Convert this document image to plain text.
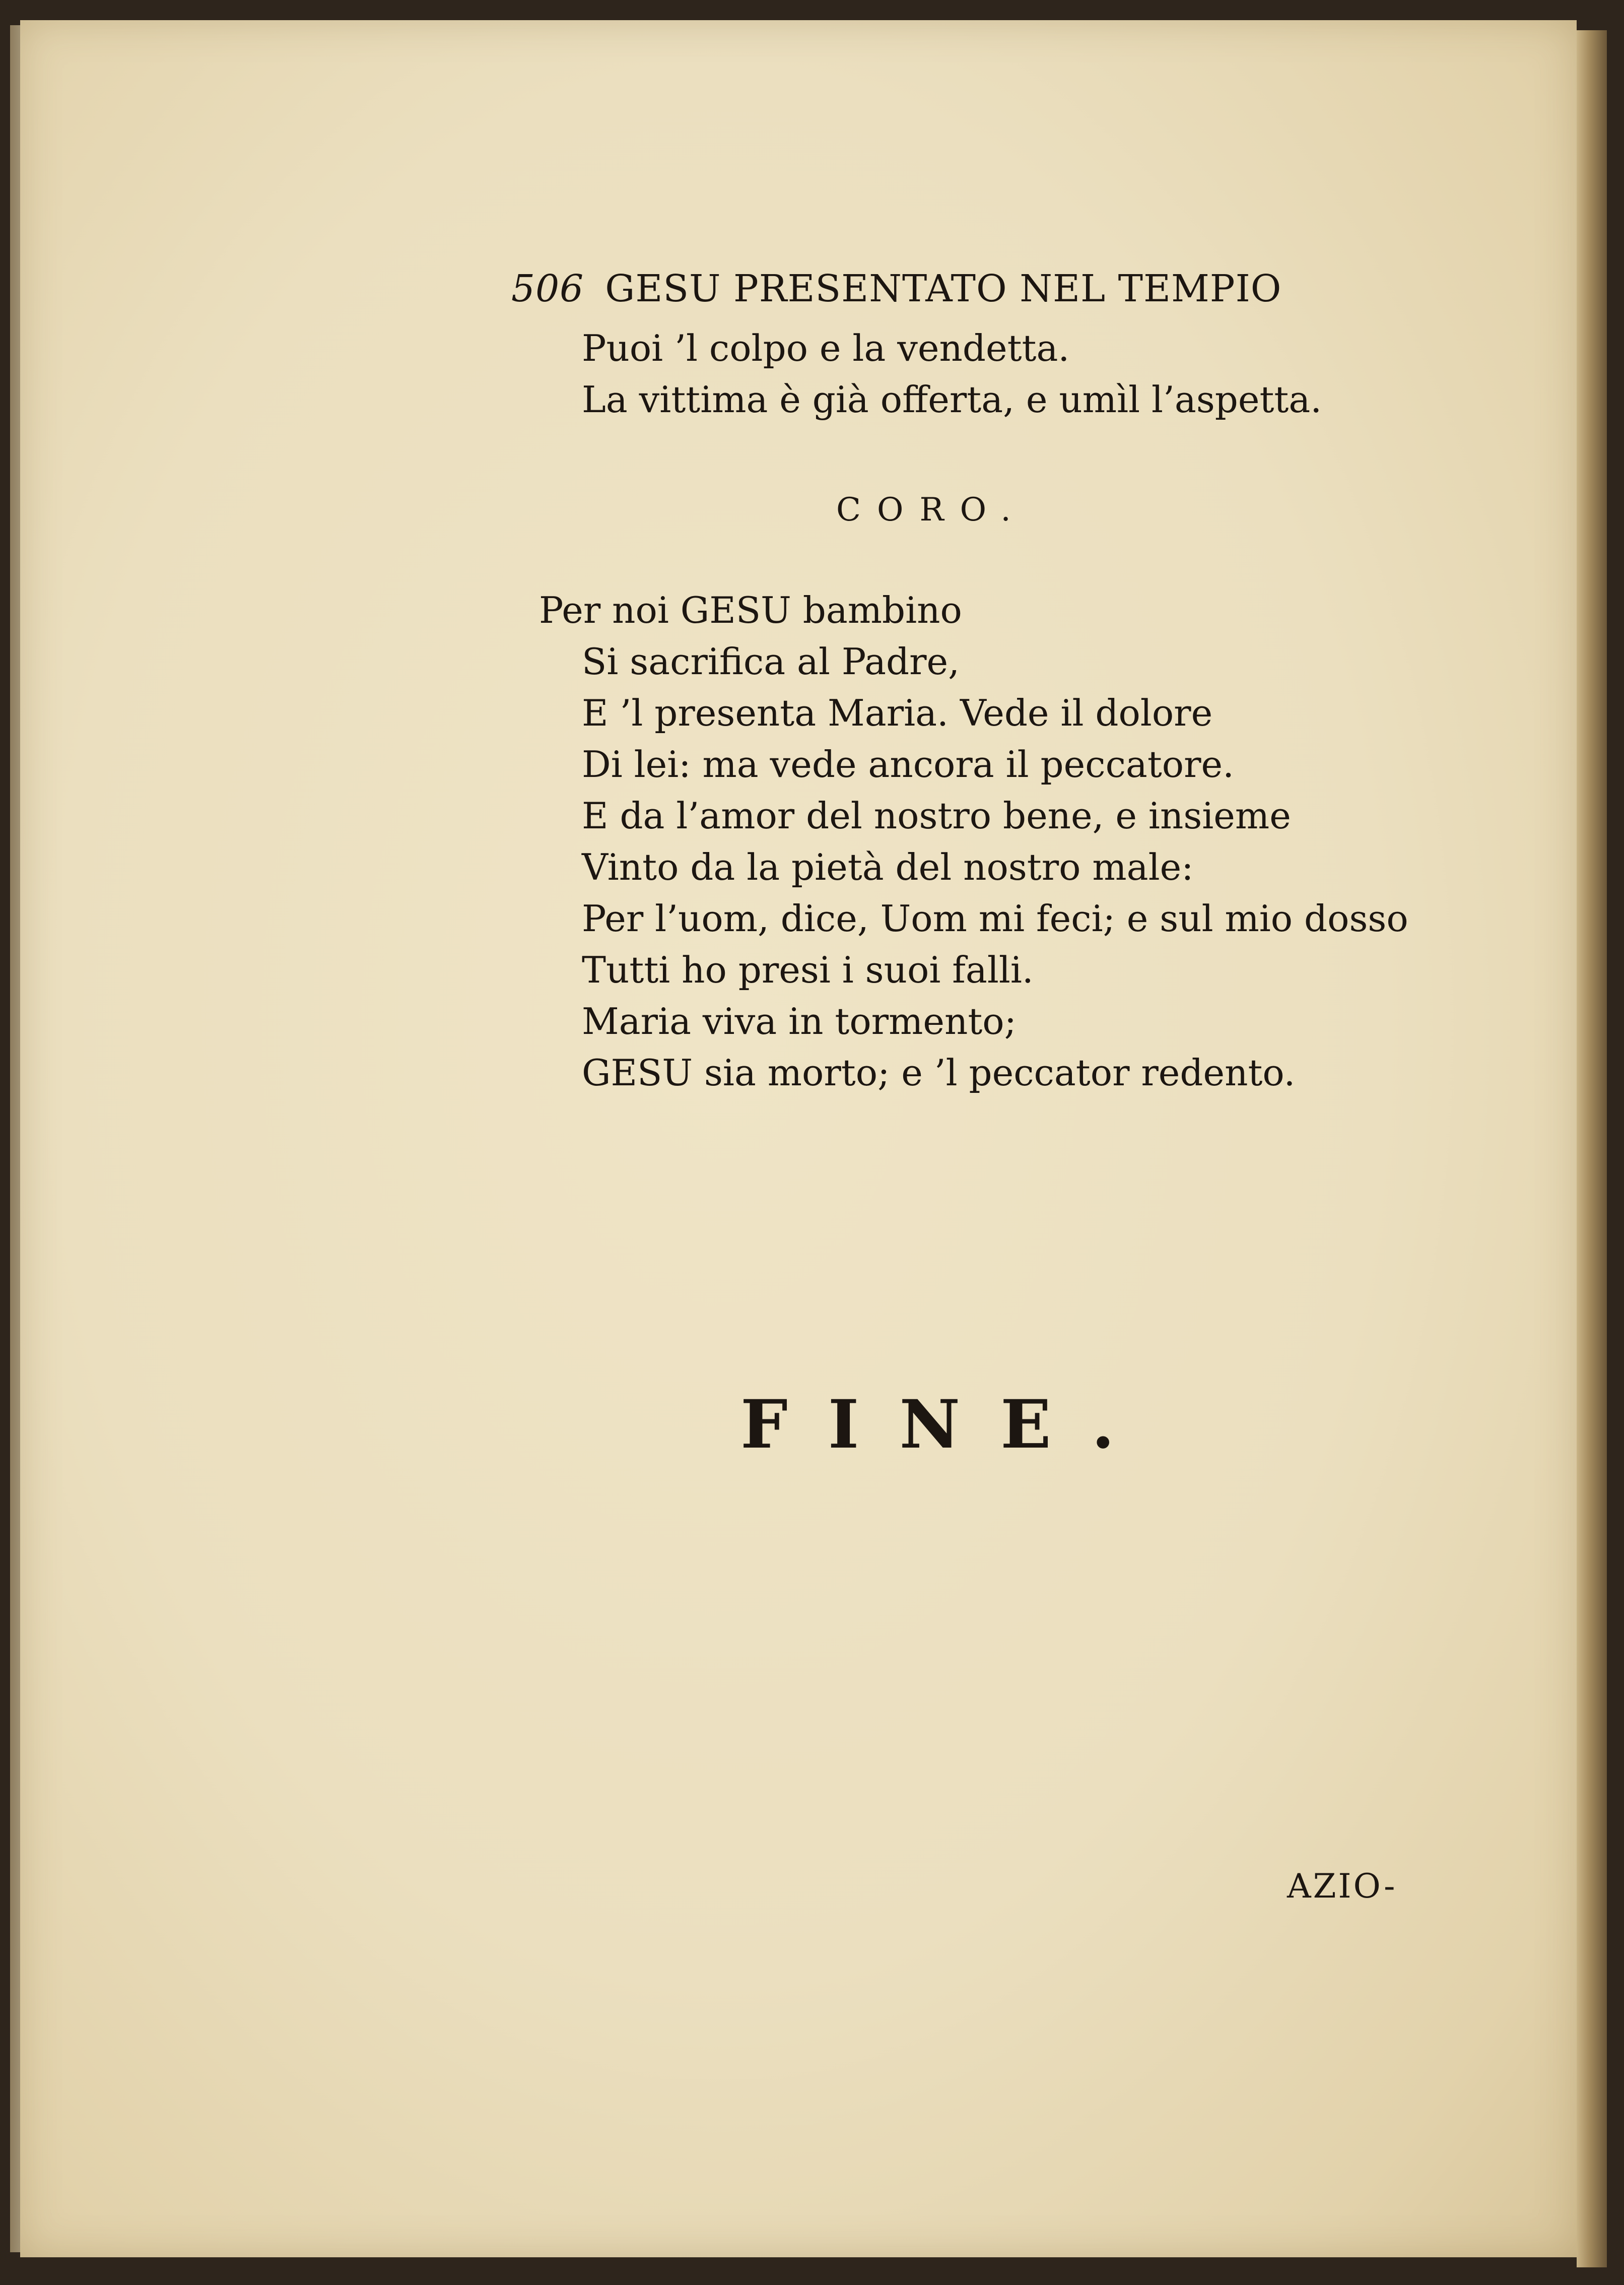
506 GESU PRESENTATO NEL TEMPIO
Puoi ’l colpo e la vendetta.
La vittima è già offerta, e umìl l’aspetta.
CORO.
Per noi GESU bambino
Si sacrifica al Padre,
E ’l presenta Maria. Vede il dolore
Di lei: ma vede ancora il peccatore.
E da l’amor del nostro bene, e insieme
Vinto da la pietà del nostro male:
Per l’uom, dice, Uom mi feci; e sul mio dosso
Tutti ho presi i suoi falli.
Maria viva in tormento;
GESU sia morto; e ’l peccator redento.
FINE.
AZIO-
